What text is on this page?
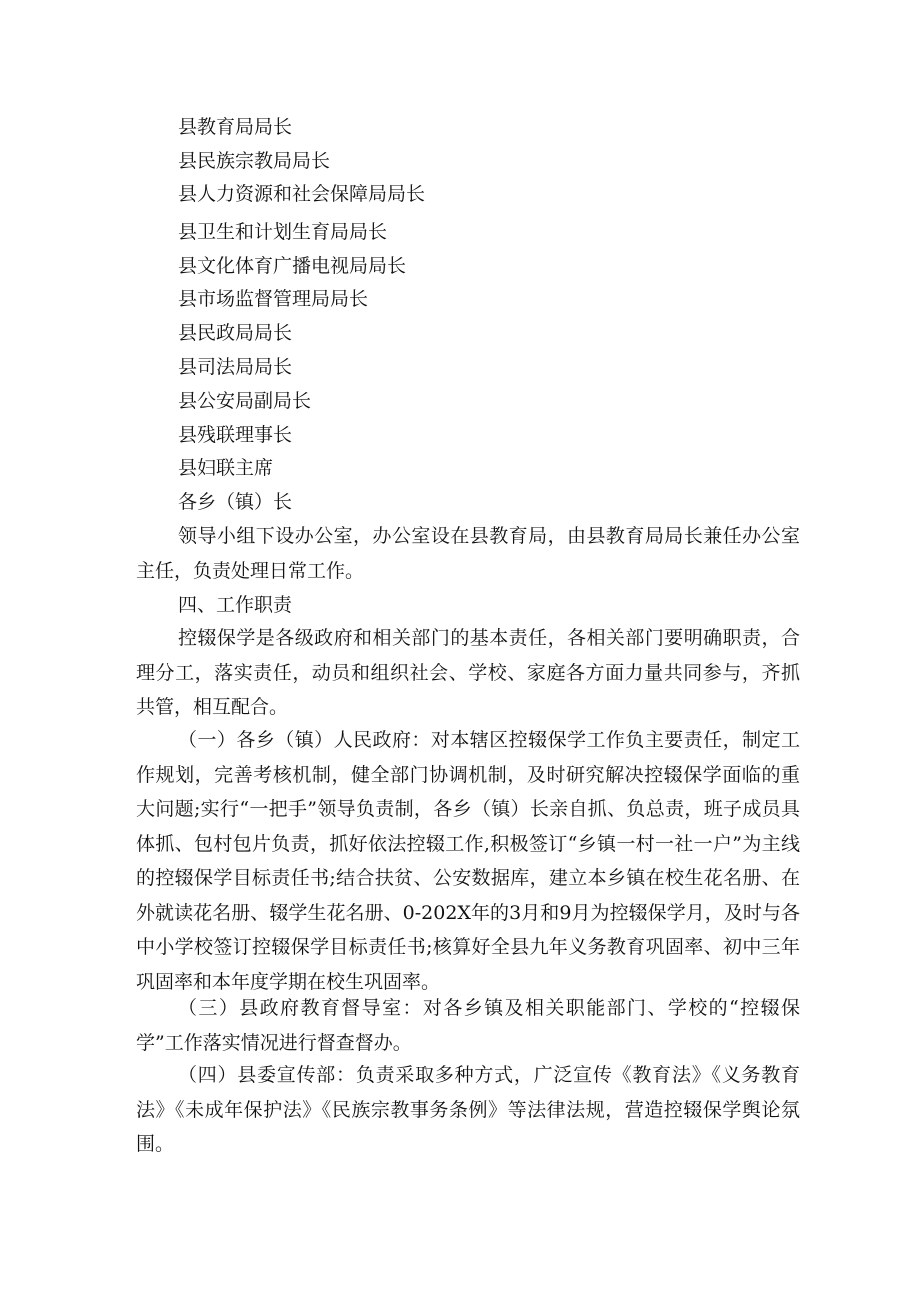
县教育局局长
县民族宗教局局长
县人力资源和社会保障局局长
县卫生和计划生育局局长
县文化体育广播电视局局长
县市场监督管理局局长
县民政局局长
县司法局局长
县公安局副局长
县残联理事长
县妇联主席
各乡（镇）长
领导小组下设办公室，办公室设在县教育局，由县教育局局长兼任办公室主任，负责处理日常工作。
四、工作职责
控辍保学是各级政府和相关部门的基本责任，各相关部门要明确职责，合理分工，落实责任，动员和组织社会、学校、家庭各方面力量共同参与，齐抓共管，相互配合。
（一）各乡（镇）人民政府：对本辖区控辍保学工作负主要责任，制定工作规划，完善考核机制，健全部门协调机制，及时研究解决控辍保学面临的重大问题;实行“一把手”领导负责制，各乡（镇）长亲自抓、负总责，班子成员具体抓、包村包片负责，抓好依法控辍工作,积极签订“乡镇一村一社一户”为主线的控辍保学目标责任书;结合扶贫、公安数据库，建立本乡镇在校生花名册、在外就读花名册、辍学生花名册、0-202X年的3月和9月为控辍保学月，及时与各中小学校签订控辍保学目标责任书;核算好全县九年义务教育巩固率、初中三年巩固率和本年度学期在校生巩固率。
（三）县政府教育督导室：对各乡镇及相关职能部门、学校的“控辍保学”工作落实情况进行督查督办。
（四）县委宣传部：负责采取多种方式，广泛宣传《教育法》《义务教育法》《未成年保护法》《民族宗教事务条例》等法律法规，营造控辍保学舆论氛围。
